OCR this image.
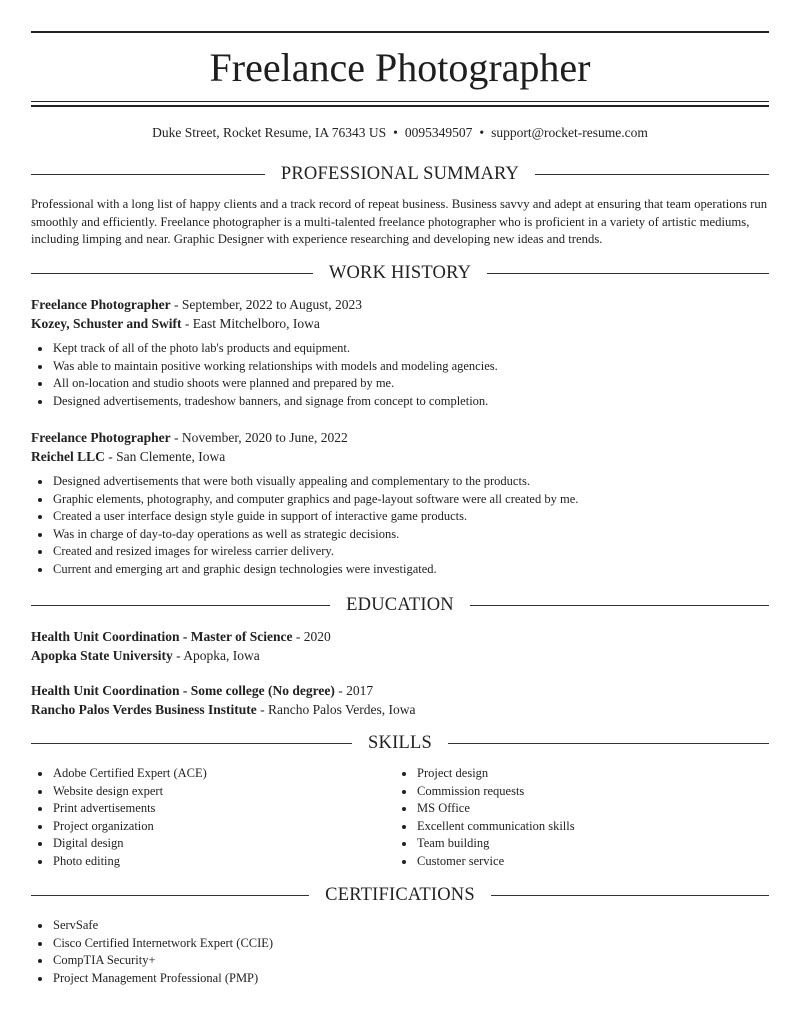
Freelance Photographer
Duke Street, Rocket Resume, IA 76343 US • 0095349507 • support@rocket-resume.com
PROFESSIONAL SUMMARY

Professional with a long list of happy clients and a track record of repeat business. Business savvy and adept at ensuring that team operations run smoothly and efficiently. Freelance photographer is a multi-talented freelance photographer who is proficient in a variety of artistic mediums, including limping and near. Graphic Designer with experience researching and developing new ideas and trends.

WORK HISTORY
Freelance Photographer - September, 2022 to August, 2023
Kozey, Schuster and Swift - East Mitchelboro, Iowa
Kept track of all of the photo lab's products and equipment.
Was able to maintain positive working relationships with models and modeling agencies.
All on-location and studio shoots were planned and prepared by me.
Designed advertisements, tradeshow banners, and signage from concept to completion.
Freelance Photographer - November, 2020 to June, 2022
Reichel LLC - San Clemente, Iowa
Designed advertisements that were both visually appealing and complementary to the products.
Graphic elements, photography, and computer graphics and page-layout software were all created by me.
Created a user interface design style guide in support of interactive game products.
Was in charge of day-to-day operations as well as strategic decisions.
Created and resized images for wireless carrier delivery.
Current and emerging art and graphic design technologies were investigated.
EDUCATION
Health Unit Coordination - Master of Science - 2020
Apopka State University - Apopka, Iowa
Health Unit Coordination - Some college (No degree) - 2017
Rancho Palos Verdes Business Institute - Rancho Palos Verdes, Iowa
SKILLS
Adobe Certified Expert (ACE)
Website design expert
Print advertisements
Project organization
Digital design
Photo editing
Project design
Commission requests
MS Office
Excellent communication skills
Team building
Customer service
CERTIFICATIONS
ServSafe
Cisco Certified Internetwork Expert (CCIE)
CompTIA Security+
Project Management Professional (PMP)
